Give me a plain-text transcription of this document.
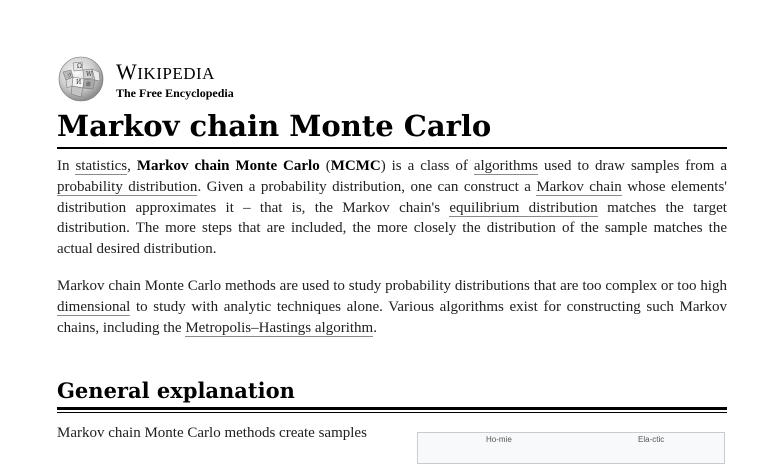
Ω
W
И 維
ウ WIKIPEDIA
The Free Encyclopedia
Markov chain Monte Carlo

In statistics, Markov chain Monte Carlo (MCMC) is a class of algorithms used to draw samples from a probability distribution. Given a probability distribution, one can construct a Markov chain whose elements' distribution approximates it – that is, the Markov chain's equilibrium distribution matches the target distribution. The more steps that are included, the more closely the distribution of the sample matches the actual desired distribution.

Markov chain Monte Carlo methods are used to study probability distributions that are too complex or too high dimensional to study with analytic techniques alone. Various algorithms exist for constructing such Markov chains, including the Metropolis–Hastings algorithm.

General explanation

Markov chain Monte Carlo methods create samples	Ho-mie	Ela-ctic
